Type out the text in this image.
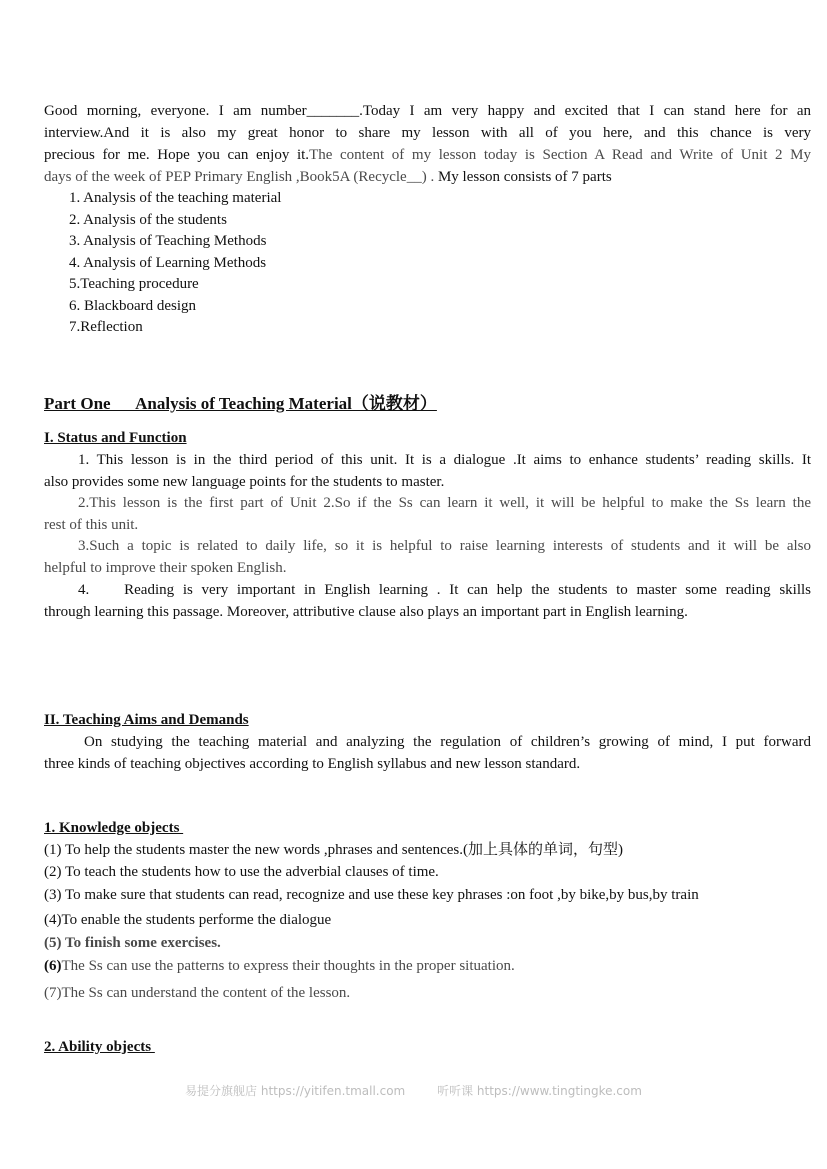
Good morning, everyone. I am number_______.Today I am very happy and excited that I can stand here for an
interview.And it is also my great honor to share my lesson with all of you here, and this chance is very
precious for me. Hope you can enjoy it.The content of my lesson today is Section A Read and Write of Unit 2 My
days of the week of PEP Primary English ,Book5A (Recycle__) . My lesson consists of 7 parts
1. Analysis of the teaching material
2. Analysis of the students
3. Analysis of Teaching Methods
4. Analysis of Learning Methods
5.Teaching procedure
6. Blackboard design
7.Reflection
Part One      Analysis of Teaching Material（说教材）
I. Status and Function
1. This lesson is in the third period of this unit. It is a dialogue .It aims to enhance students’ reading skills. It
also provides some new language points for the students to master.
2.This lesson is the first part of Unit 2.So if the Ss can learn it well, it will be helpful to make the Ss learn the
rest of this unit.
3.Such a topic is related to daily life, so it is helpful to raise learning interests of students and it will be also
helpful to improve their spoken English.
4.    Reading is very important in English learning . It can help the students to master some reading skills
through learning this passage. Moreover, attributive clause also plays an important part in English learning.
II. Teaching Aims and Demands
On studying the teaching material and analyzing the regulation of children’s growing of mind, I put forward
three kinds of teaching objectives according to English syllabus and new lesson standard.
1. Knowledge objects
(1) To help the students master the new words ,phrases and sentences.(加上具体的单词，句型)
(2) To teach the students how to use the adverbial clauses of time.
(3) To make sure that students can read, recognize and use these key phrases :on foot ,by bike,by bus,by train
(4)To enable the students performe the dialogue
(5) To finish some exercises.
(6)The Ss can use the patterns to express their thoughts in the proper situation.
(7)The Ss can understand the content of the lesson.
2. Ability objects
易提分旗舰店 https://yitifen.tmall.com	听听课 https://www.tingtingke.com
